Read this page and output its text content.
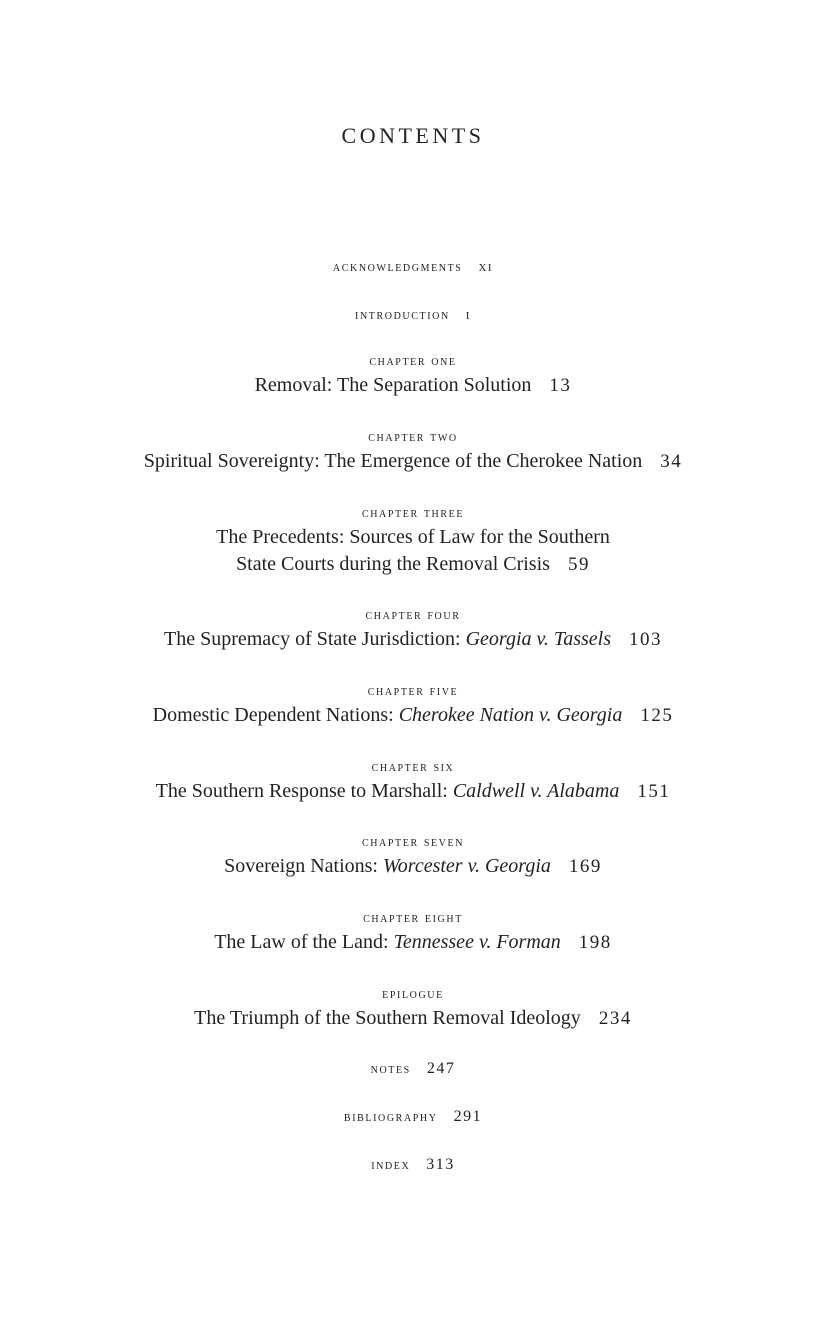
CONTENTS
acknowledgments xi
introduction i
chapter one
Removal: The Separation Solution 13
chapter two
Spiritual Sovereignty: The Emergence of the Cherokee Nation 34
chapter three
The Precedents: Sources of Law for the Southern
State Courts during the Removal Crisis 59
chapter four
The Supremacy of State Jurisdiction: Georgia v. Tassels 103
chapter five
Domestic Dependent Nations: Cherokee Nation v. Georgia 125
chapter six
The Southern Response to Marshall: Caldwell v. Alabama 151
chapter seven
Sovereign Nations: Worcester v. Georgia 169
chapter eight
The Law of the Land: Tennessee v. Forman 198
epilogue
The Triumph of the Southern Removal Ideology 234
notes 247
bibliography 291
index 313
